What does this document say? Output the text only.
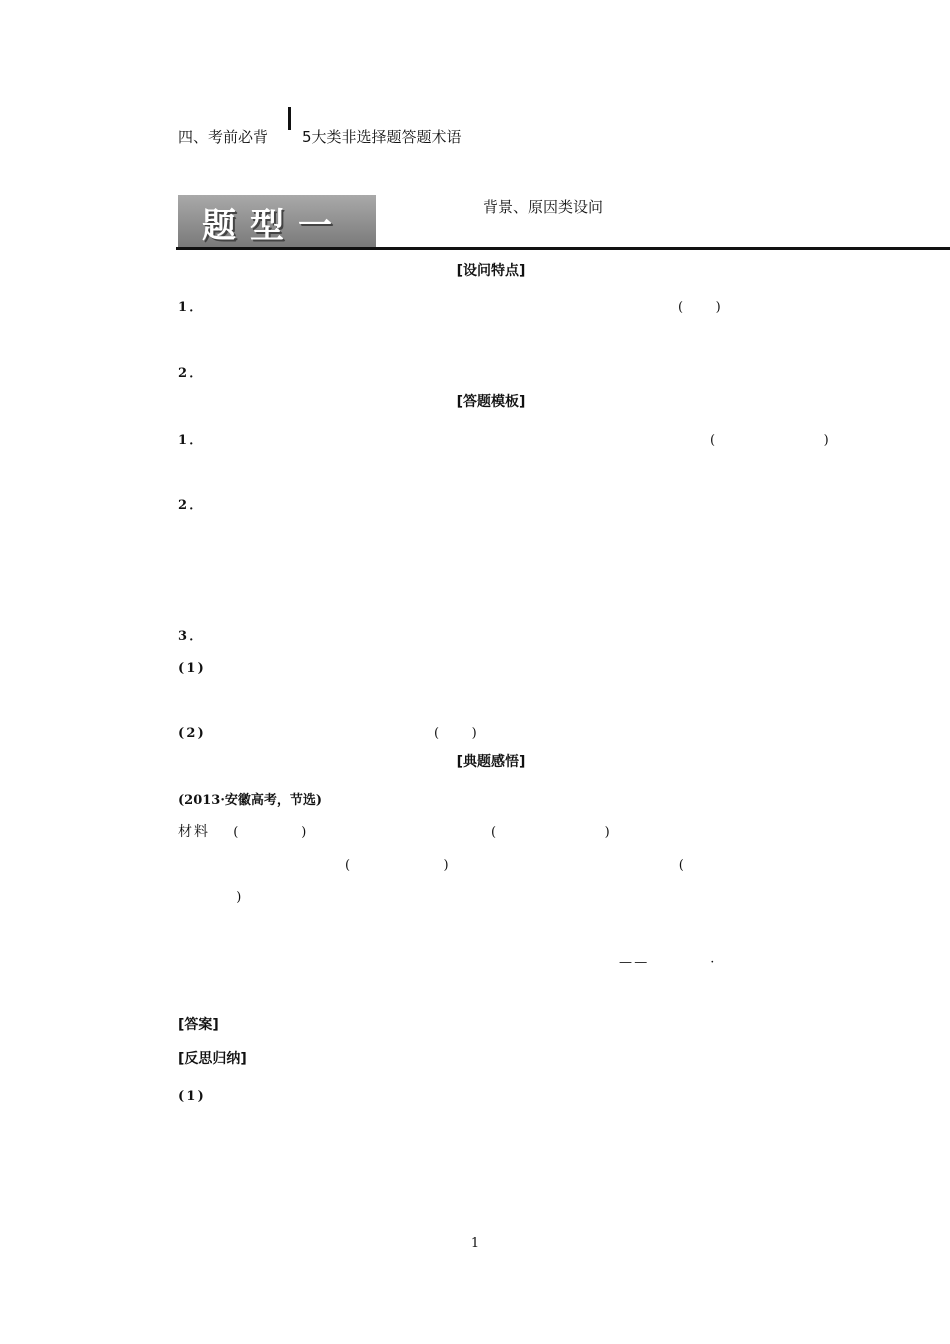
四、考前必背 5大类非选择题答题术语
题型一	背景、原因类设问
[设问特点]
1．　　　　　　　　　　　　　　　　　　　　　　　	(　　)　　　　

2．　　　　　　　　　　　　　　　　　　　　　　　　　　
[答题模板]
1．　　　　　　　　　　　　　　　　　　　　　　　　　	(　　　　　　　)

2．　　　　　　　　　　　　　　　　　　　　　　　　　　　　　

3．　　　　　　　　
(1)　　　　　　　　　　　　　　　　　　　　　　　　　　　　

(2)　　　　　　　　　　　	(　　)　　　　　　　　　　　　　　　
[典题感悟]
(2013·安徽高考，节选)

材料 　(　　　　)　　　　　　　　　　　　(　　　　　　　)　　　　　　　　　

(　　　　　　)　　　　　　　　　　　　　　　(　
　　　　　　)　　　　　　　　　　　　　　　　　　　　　　　　

——　　　　·　　　　

[答案]

[反思归纳]
(1)　　　　　　　　　　　　　　　　　　　　　　　　　　　　　　　　

1
